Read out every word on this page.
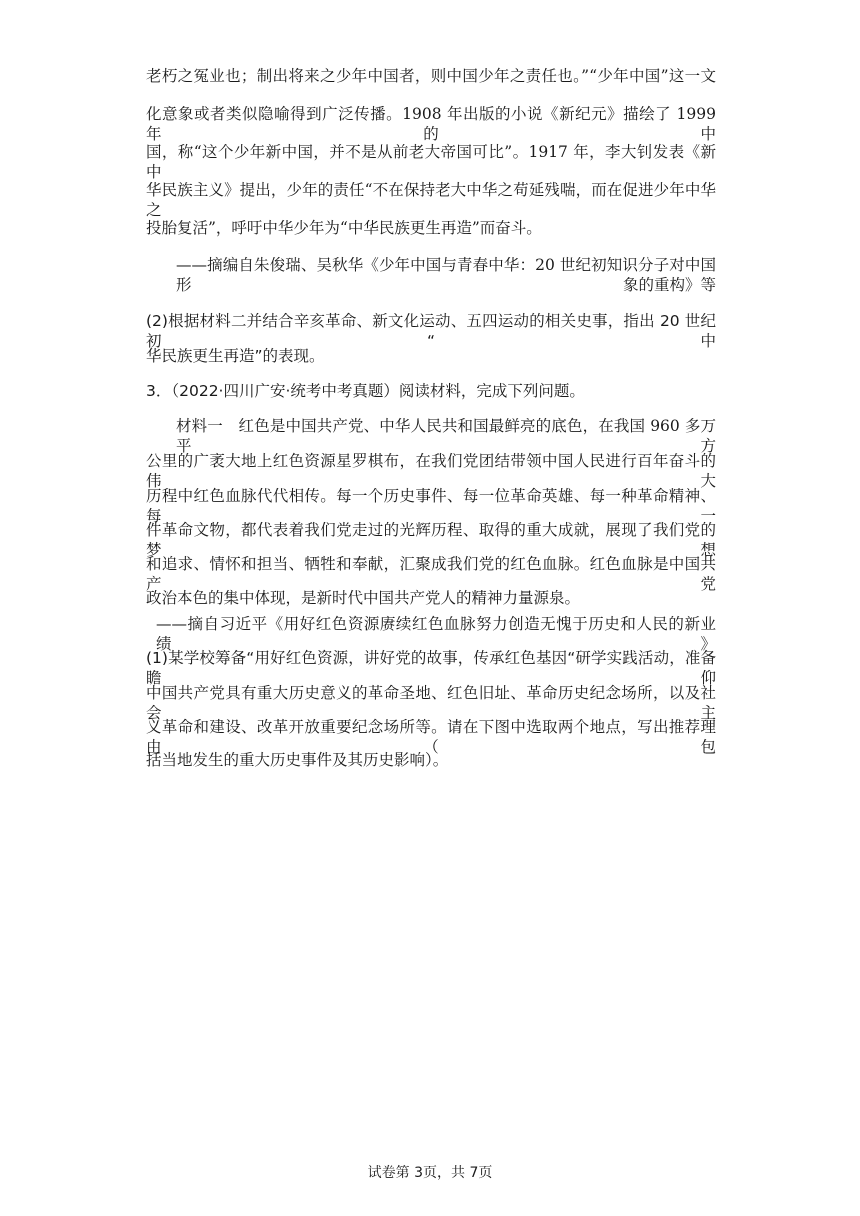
老朽之冤业也；制出将来之少年中国者，则中国少年之责任也。”“少年中国”这一文
化意象或者类似隐喻得到广泛传播。1908 年出版的小说《新纪元》描绘了 1999 年的中
国，称“这个少年新中国，并不是从前老大帝国可比”。1917 年，李大钊发表《新中
华民族主义》提出，少年的责任“不在保持老大中华之苟延残喘，而在促进少年中华之
投胎复活”，呼吁中华少年为“中华民族更生再造”而奋斗。
——摘编自朱俊瑞、吴秋华《少年中国与青春中华：20 世纪初知识分子对中国形	象的重构》等
(2)根据材料二并结合辛亥革命、新文化运动、五四运动的相关史事，指出 20 世纪初“中
华民族更生再造”的表现。
3．（2022·四川广安·统考中考真题）阅读材料，完成下列问题。
材料一　红色是中国共产党、中华人民共和国最鲜亮的底色，在我国 960 多万平方
公里的广袤大地上红色资源星罗棋布，在我们党团结带领中国人民进行百年奋斗的伟大
历程中红色血脉代代相传。每一个历史事件、每一位革命英雄、每一种革命精神、每一
件革命文物，都代表着我们党走过的光辉历程、取得的重大成就，展现了我们党的梦想
和追求、情怀和担当、牺牲和奉献，汇聚成我们党的红色血脉。红色血脉是中国共产党
政治本色的集中体现，是新时代中国共产党人的精神力量源泉。
——摘自习近平《用好红色资源赓续红色血脉努力创造无愧于历史和人民的新业绩》
(1)某学校筹备“用好红色资源，讲好党的故事，传承红色基因“研学实践活动，准备瞻仰
中国共产党具有重大历史意义的革命圣地、红色旧址、革命历史纪念场所，以及社会主
义革命和建设、改革开放重要纪念场所等。请在下图中选取两个地点，写出推荐理由（包
括当地发生的重大历史事件及其历史影响）。
试卷第 3页，共 7页
